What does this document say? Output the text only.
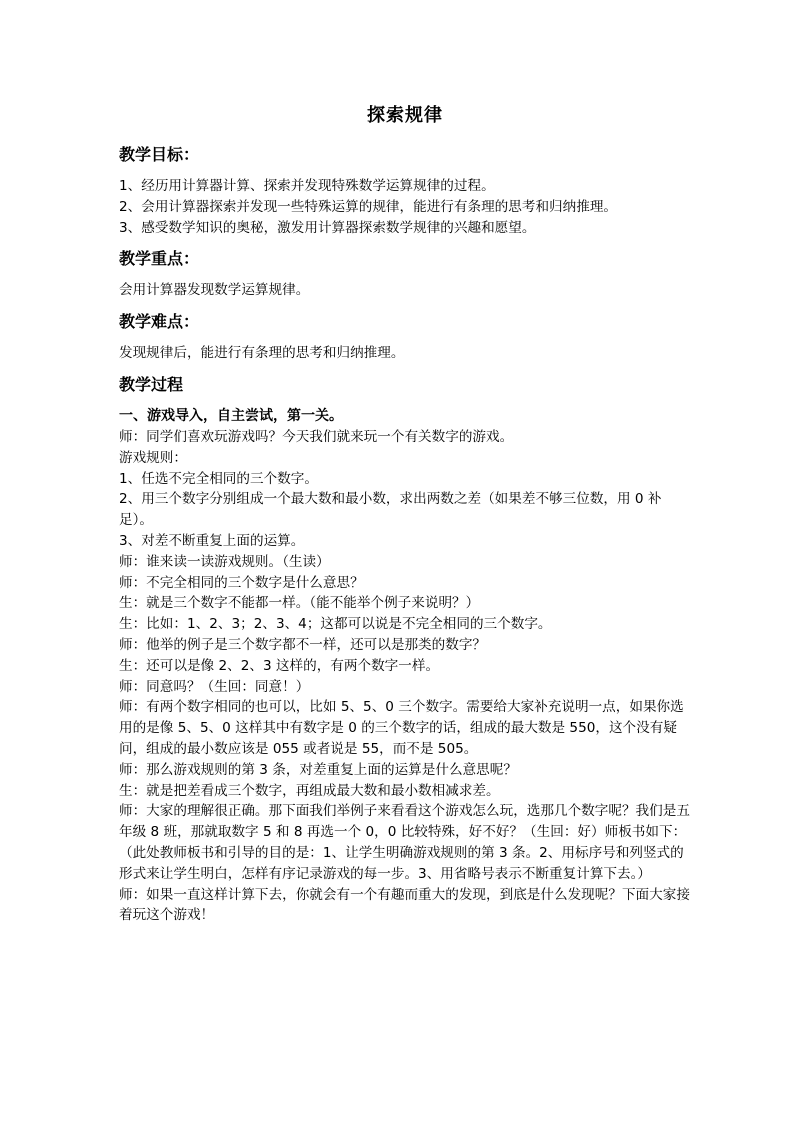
探索规律
教学目标：

1、经历用计算器计算、探索并发现特殊数学运算规律的过程。

2、会用计算器探索并发现一些特殊运算的规律，能进行有条理的思考和归纳推理。

3、感受数学知识的奥秘，激发用计算器探索数学规律的兴趣和愿望。

教学重点：

会用计算器发现数学运算规律。

教学难点：

发现规律后，能进行有条理的思考和归纳推理。

教学过程
一、游戏导入，自主尝试，第一关。

师：同学们喜欢玩游戏吗？今天我们就来玩一个有关数字的游戏。

游戏规则：

1、任选不完全相同的三个数字。

2、用三个数字分别组成一个最大数和最小数，求出两数之差（如果差不够三位数，用 0 补足）。

3、对差不断重复上面的运算。

师：谁来读一读游戏规则。（生读）

师：不完全相同的三个数字是什么意思？

生：就是三个数字不能都一样。（能不能举个例子来说明？）

生：比如：1、2、3；2、3、4；这都可以说是不完全相同的三个数字。

师：他举的例子是三个数字都不一样，还可以是那类的数字？

生：还可以是像 2、2、3 这样的，有两个数字一样。

师：同意吗？（生回：同意！）

师：有两个数字相同的也可以，比如 5、5、0 三个数字。需要给大家补充说明一点，如果你选用的是像 5、5、0 这样其中有数字是 0 的三个数字的话，组成的最大数是 550，这个没有疑问，组成的最小数应该是 055 或者说是 55，而不是 505。

师：那么游戏规则的第 3 条，对差重复上面的运算是什么意思呢？

生：就是把差看成三个数字，再组成最大数和最小数相减求差。

师：大家的理解很正确。那下面我们举例子来看看这个游戏怎么玩，选那几个数字呢？我们是五年级 8 班，那就取数字 5 和 8 再选一个 0，0 比较特殊，好不好？（生回：好）师板书如下：

（此处教师板书和引导的目的是：1、让学生明确游戏规则的第 3 条。2、用标序号和列竖式的形式来让学生明白，怎样有序记录游戏的每一步。3、用省略号表示不断重复计算下去。）

师：如果一直这样计算下去，你就会有一个有趣而重大的发现，到底是什么发现呢？下面大家接着玩这个游戏！
